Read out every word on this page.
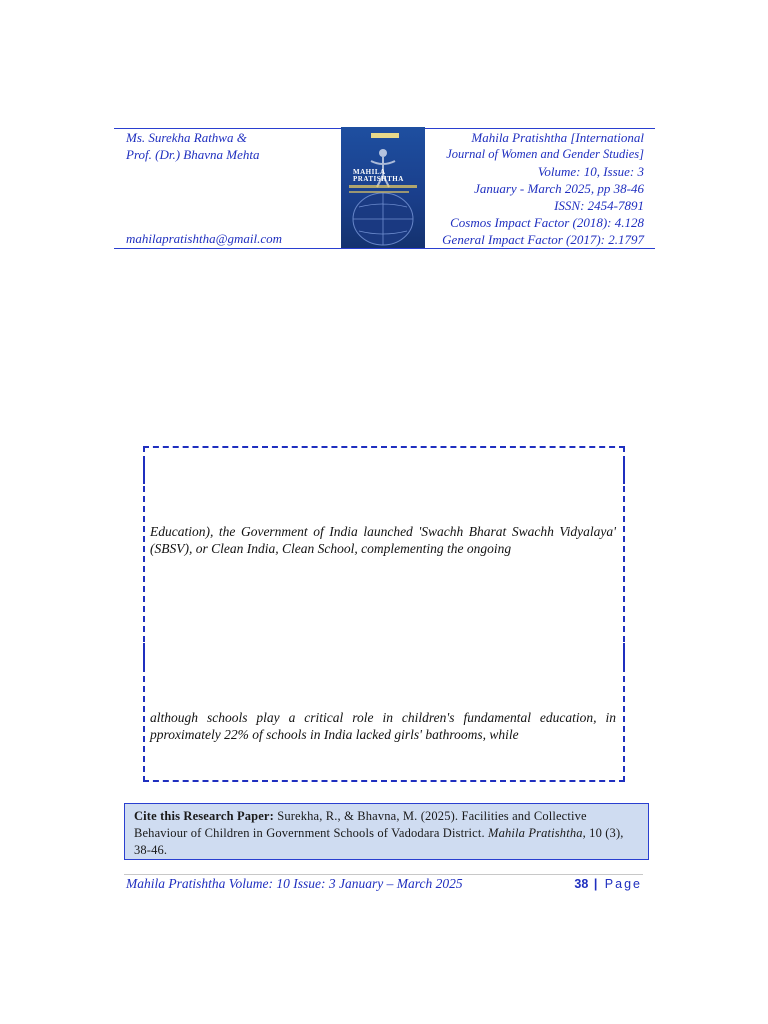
Ms. Surekha Rathwa &
Prof. (Dr.) Bhavna Mehta
mahilapratishtha@gmail.com
MAHILA
PRATISHTHA
Mahila Pratishtha [International
Journal of Women and Gender Studies]
Volume: 10, Issue: 3
January - March 2025, pp 38-46
ISSN: 2454-7891
Cosmos Impact Factor (2018): 4.128
General Impact Factor (2017): 2.1797
Education), the Government of India launched 'Swachh Bharat Swachh Vidyalaya' (SBSV), or Clean India, Clean School, complementing the ongoing
although schools play a critical role in children's fundamental education, in
pproximately 22% of schools in India lacked girls' bathrooms, while
Cite this Research Paper: Surekha, R., & Bhavna, M. (2025). Facilities and Collective Behaviour of Children in Government Schools of Vadodara District. Mahila Pratishtha, 10 (3), 38-46.
Mahila Pratishtha Volume: 10 Issue: 3 January – March 2025	38 | Page
